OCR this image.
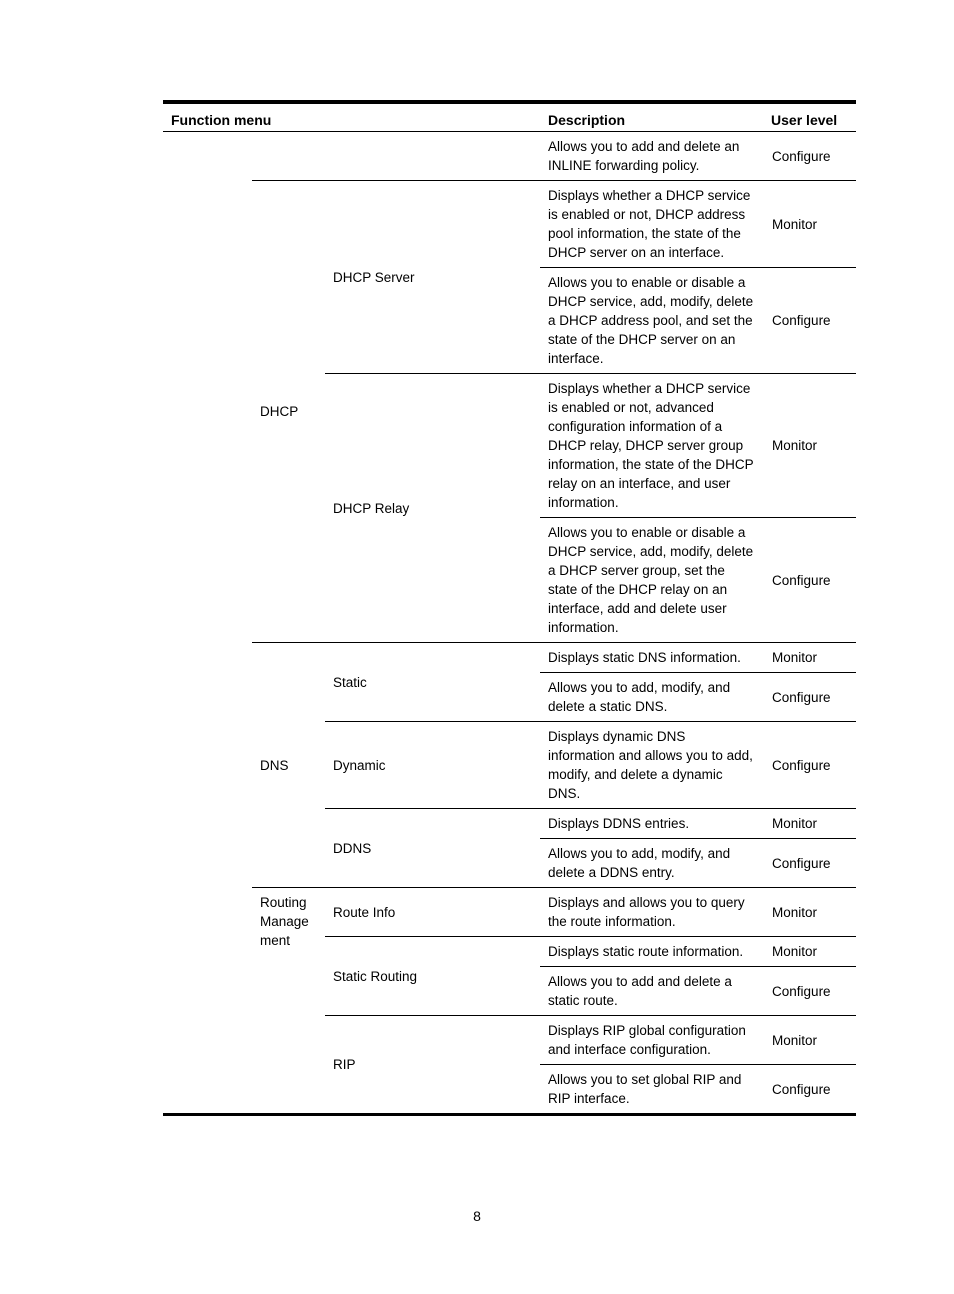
Function menu			Description	User level
			Allows you to add and delete an INLINE forwarding policy.	Configure
	DHCP	DHCP Server	Displays whether a DHCP service is enabled or not, DHCP address pool information, the state of the DHCP server on an interface.	Monitor
			Allows you to enable or disable a DHCP service, add, modify, delete a DHCP address pool, and set the state of the DHCP server on an interface.	Configure
		DHCP Relay	Displays whether a DHCP service is enabled or not, advanced configuration information of a DHCP relay, DHCP server group information, the state of the DHCP relay on an interface, and user information.	Monitor
			Allows you to enable or disable a DHCP service, add, modify, delete a DHCP server group, set the state of the DHCP relay on an interface, add and delete user information.	Configure
	DNS	Static	Displays static DNS information.	Monitor
			Allows you to add, modify, and delete a static DNS.	Configure
		Dynamic	Displays dynamic DNS information and allows you to add, modify, and delete a dynamic DNS.	Configure
		DDNS	Displays DDNS entries.	Monitor
			Allows you to add, modify, and delete a DDNS entry.	Configure
	Routing Manage ment	Route Info	Displays and allows you to query the route information.	Monitor
		Static Routing	Displays static route information.	Monitor
			Allows you to add and delete a static route.	Configure
		RIP	Displays RIP global configuration and interface configuration.	Monitor
			Allows you to set global RIP and RIP interface.	Configure
8
